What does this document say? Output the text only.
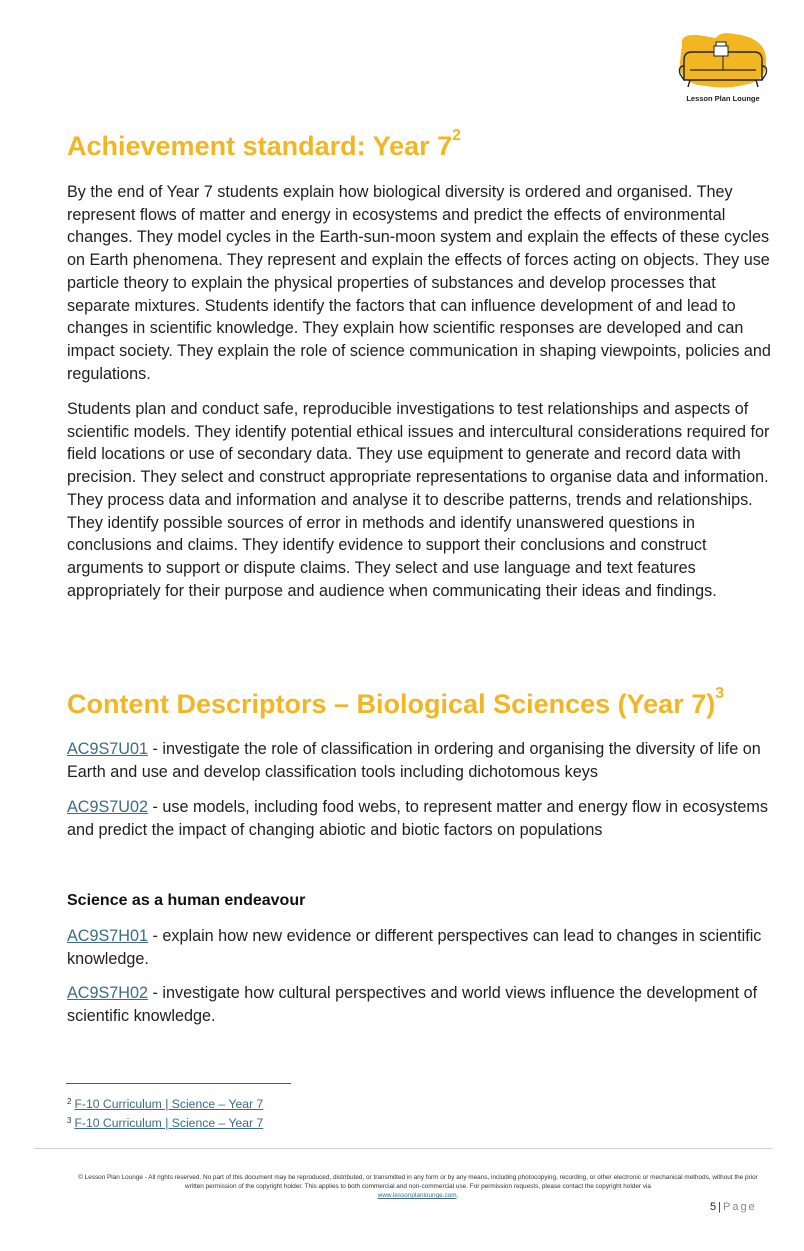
Lesson Plan Lounge
Achievement standard: Year $7^2$

By the end of Year 7 students explain how biological diversity is ordered and organised. They represent flows of matter and energy in ecosystems and predict the effects of environmental changes. They model cycles in the Earth-sun-moon system and explain the effects of these cycles on Earth phenomena. They represent and explain the effects of forces acting on objects. They use particle theory to explain the physical properties of substances and develop processes that separate mixtures. Students identify the factors that can influence development of and lead to changes in scientific knowledge. They explain how scientific responses are developed and can impact society. They explain the role of science communication in shaping viewpoints, policies and regulations.

Students plan and conduct safe, reproducible investigations to test relationships and aspects of scientific models. They identify potential ethical issues and intercultural considerations required for field locations or use of secondary data. They use equipment to generate and record data with precision. They select and construct appropriate representations to organise data and information. They process data and information and analyse it to describe patterns, trends and relationships. They identify possible sources of error in methods and identify unanswered questions in conclusions and claims. They identify evidence to support their conclusions and construct arguments to support or dispute claims. They select and use language and text features appropriately for their purpose and audience when communicating their ideas and findings.

Content Descriptors – Biological Sciences (Year 7)$^3$

AC9S7U01 - investigate the role of classification in ordering and organising the diversity of life on Earth and use and develop classification tools including dichotomous keys

AC9S7U02 - use models, including food webs, to represent matter and energy flow in ecosystems and predict the impact of changing abiotic and biotic factors on populations

Science as a human endeavour

AC9S7H01 - explain how new evidence or different perspectives can lead to changes in scientific knowledge.

AC9S7H02 - investigate how cultural perspectives and world views influence the development of scientific knowledge.

$^2$ F-10 Curriculum | Science – Year 7
$^3$ F-10 Curriculum | Science – Year 7
© Lesson Plan Lounge - All rights reserved. No part of this document may be reproduced, distributed, or transmitted in any form or by any means, including photocopying, recording, or other electronic or mechanical methods, without the prior written permission of the copyright holder. This applies to both commercial and non-commercial use. For permission requests, please contact the copyright holder via
www.lessonplanlounge.com.
5|Page
